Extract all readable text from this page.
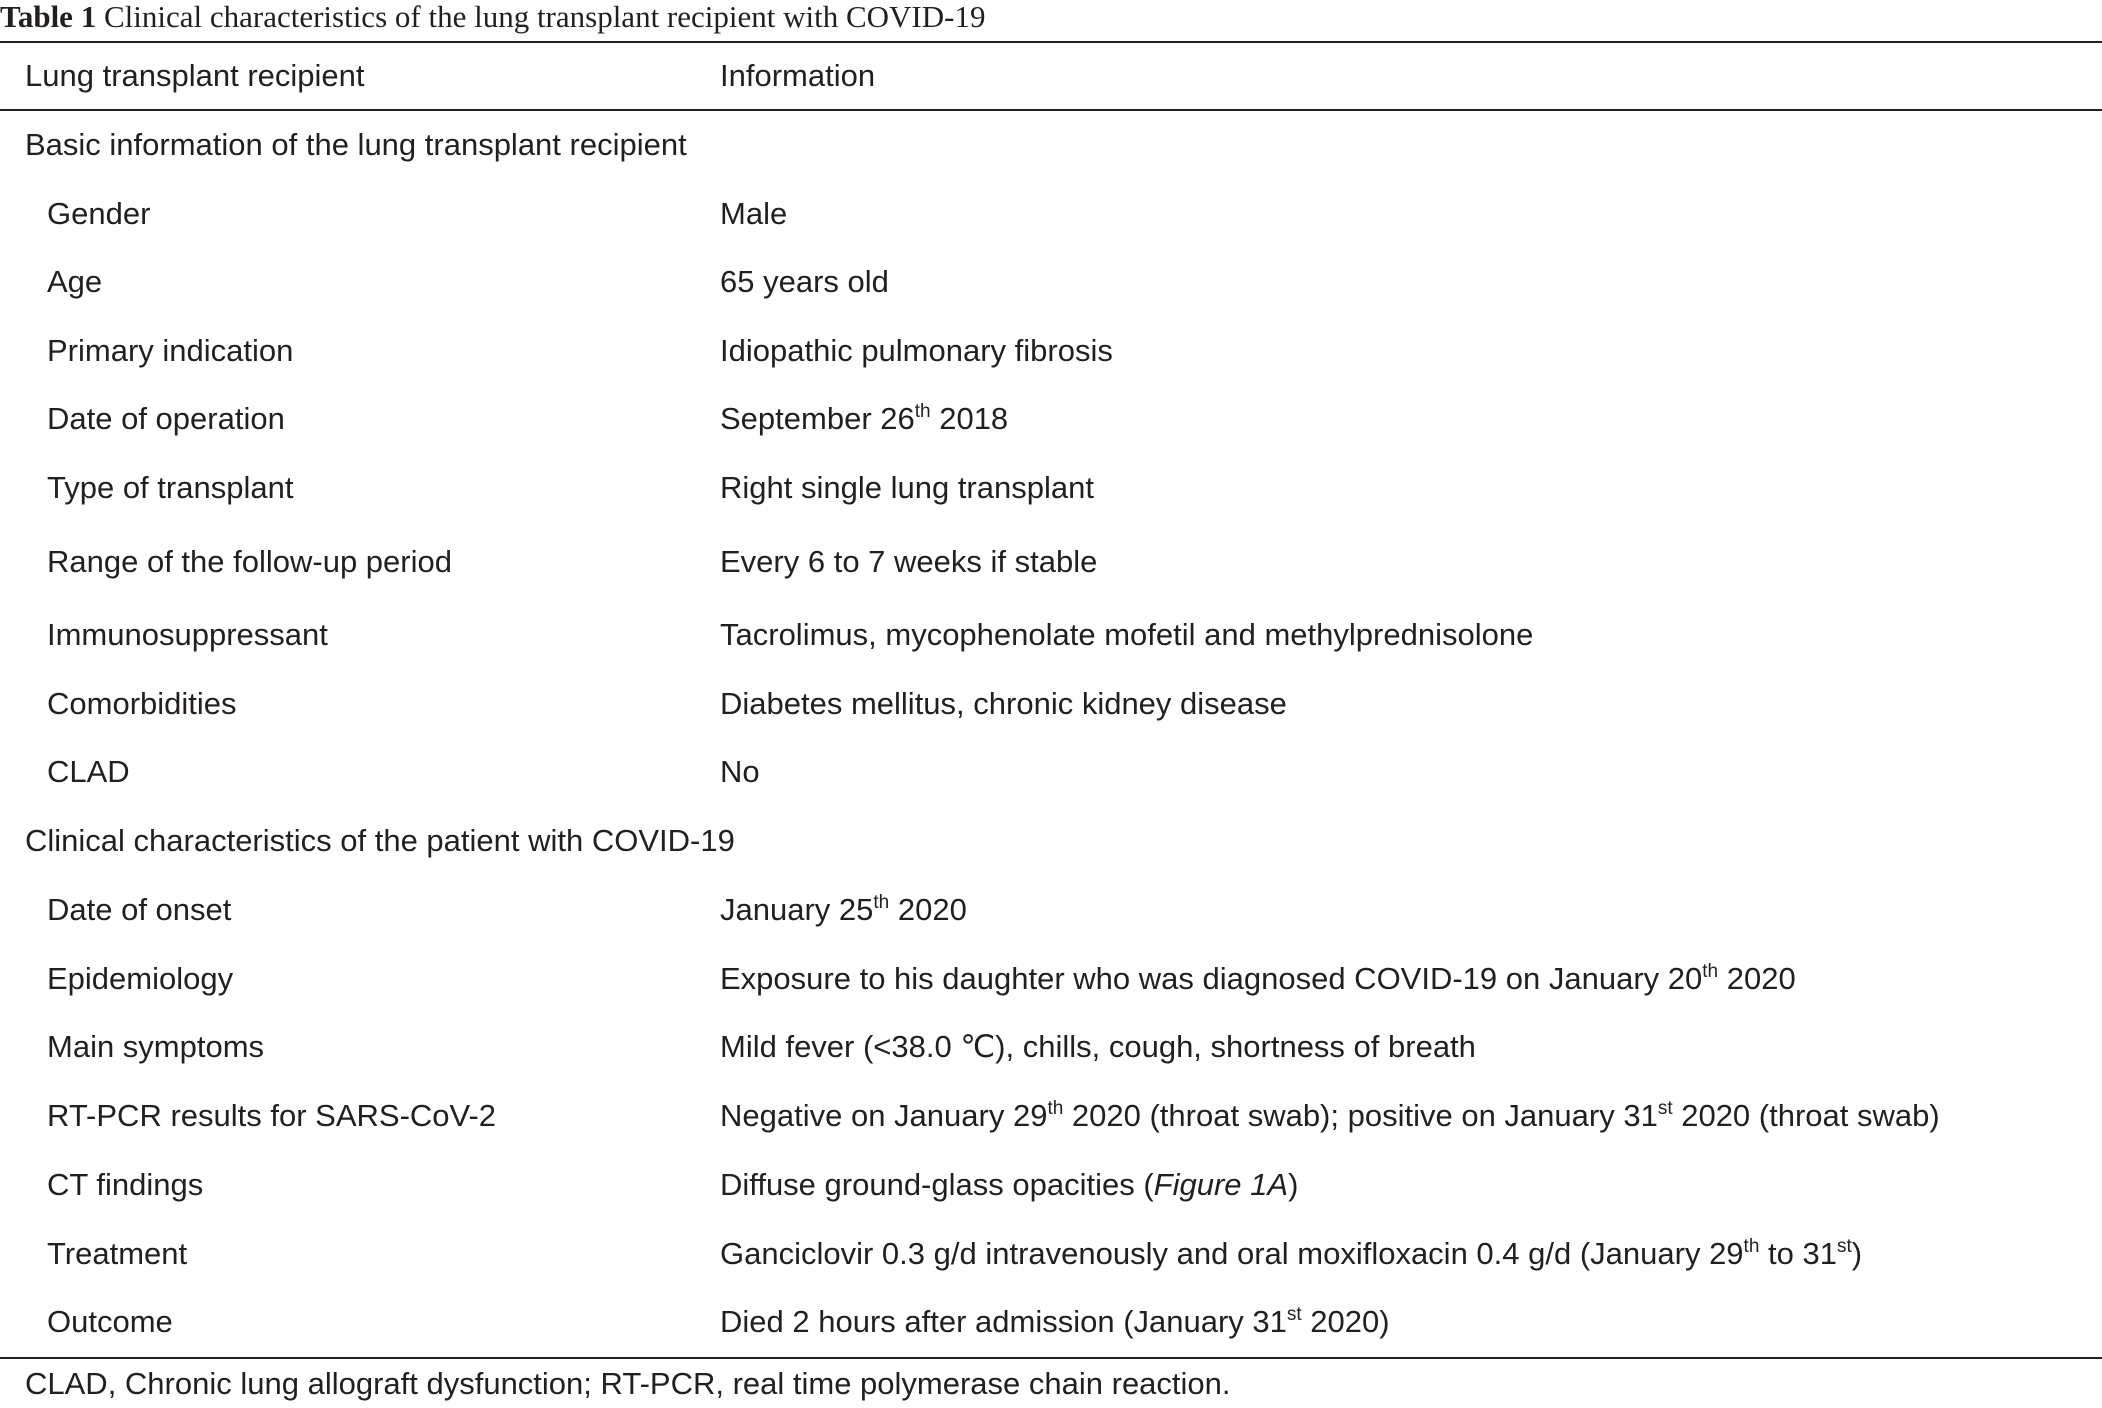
Table 1 Clinical characteristics of the lung transplant recipient with COVID-19
Lung transplant recipient	Information
Basic information of the lung transplant recipient
Gender	Male
Age	65 years old
Primary indication	Idiopathic pulmonary fibrosis
Date of operation	September 26th 2018
Type of transplant	Right single lung transplant
Range of the follow-up period	Every 6 to 7 weeks if stable
Immunosuppressant	Tacrolimus, mycophenolate mofetil and methylprednisolone
Comorbidities	Diabetes mellitus, chronic kidney disease
CLAD	No
Clinical characteristics of the patient with COVID-19
Date of onset	January 25th 2020
Epidemiology	Exposure to his daughter who was diagnosed COVID-19 on January 20th 2020
Main symptoms	Mild fever (<38.0 ℃), chills, cough, shortness of breath
RT-PCR results for SARS-CoV-2	Negative on January 29th 2020 (throat swab); positive on January 31st 2020 (throat swab)
CT findings	Diffuse ground-glass opacities (Figure 1A)
Treatment	Ganciclovir 0.3 g/d intravenously and oral moxifloxacin 0.4 g/d (January 29th to 31st)
Outcome	Died 2 hours after admission (January 31st 2020)
CLAD, Chronic lung allograft dysfunction; RT-PCR, real time polymerase chain reaction.
